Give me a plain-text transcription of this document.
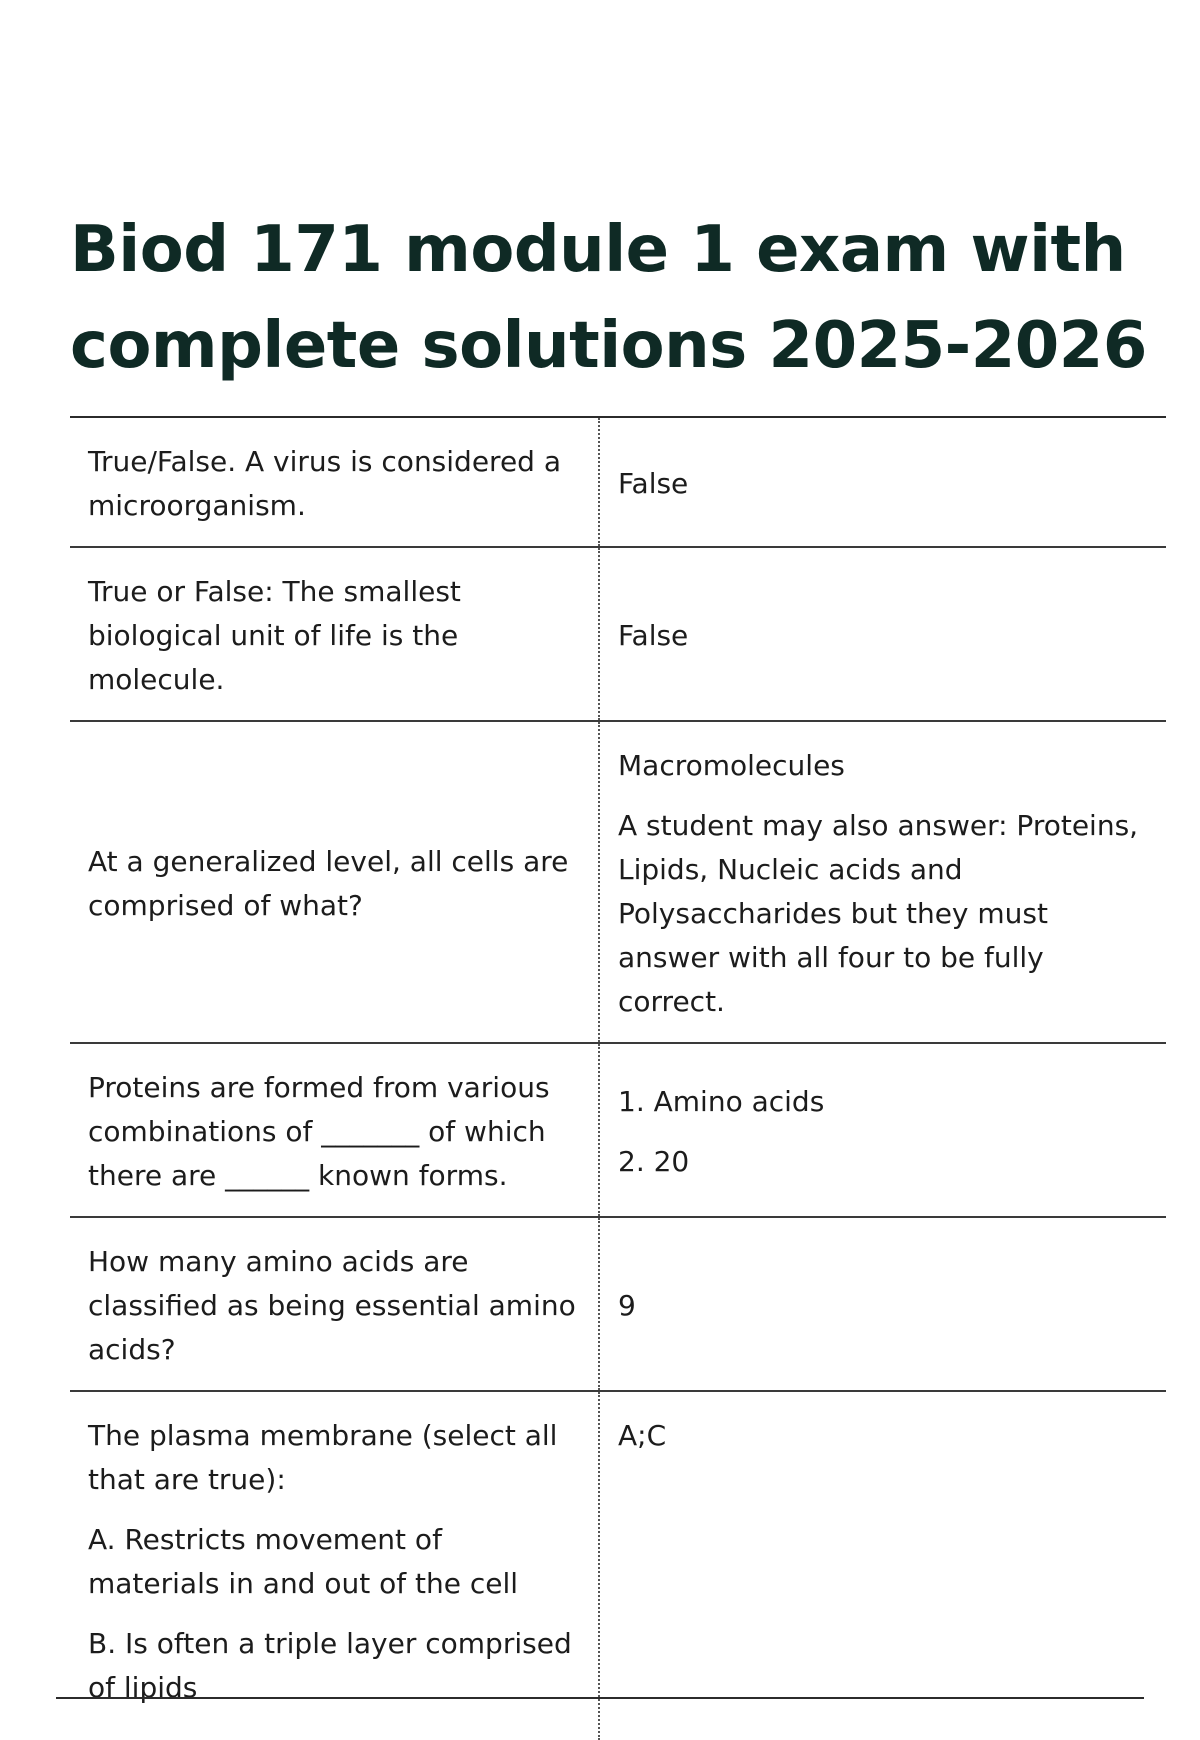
Biod 171 module 1 exam with complete solutions 2025-2026

True/False. A virus is considered a microorganism.

False

True or False: The smallest biological unit of life is the molecule.

False

At a generalized level, all cells are comprised of what?

Macromolecules

A student may also answer: Proteins, Lipids, Nucleic acids and Polysaccharides but they must answer with all four to be fully correct.

Proteins are formed from various combinations of _______ of which there are ______ known forms.

1. Amino acids

2. 20

How many amino acids are classified as being essential amino acids?

9

The plasma membrane (select all that are true):

A. Restricts movement of materials in and out of the cell

B. Is often a triple layer comprised of lipids

A;C
